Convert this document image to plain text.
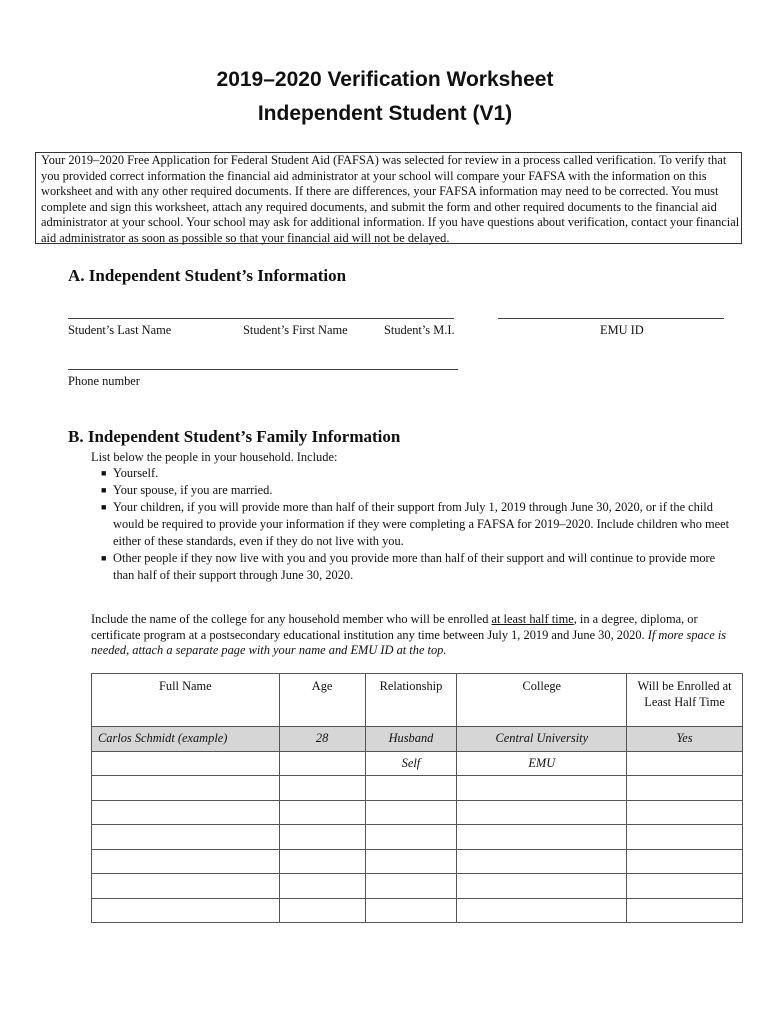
2019–2020 Verification Worksheet
Independent Student (V1)
Your 2019–2020 Free Application for Federal Student Aid (FAFSA) was selected for review in a process called verification. To verify that you provided correct information the financial aid administrator at your school will compare your FAFSA with the information on this worksheet and with any other required documents. If there are differences, your FAFSA information may need to be corrected. You must complete and sign this worksheet, attach any required documents, and submit the form and other required documents to the financial aid administrator at your school. Your school may ask for additional information. If you have questions about verification, contact your financial aid administrator as soon as possible so that your financial aid will not be delayed.
A. Independent Student’s Information
Student’s Last Name	Student’s First Name	Student’s M.I.	EMU ID
Phone number
B. Independent Student’s Family Information
List below the people in your household. Include:
■ Yourself.
■ Your spouse, if you are married.
■ Your children, if you will provide more than half of their support from July 1, 2019 through June 30, 2020, or if the child would be required to provide your information if they were completing a FAFSA for 2019–2020. Include children who meet either of these standards, even if they do not live with you.
■ Other people if they now live with you and you provide more than half of their support and will continue to provide more than half of their support through June 30, 2020.
Include the name of the college for any household member who will be enrolled at least half time, in a degree, diploma, or certificate program at a postsecondary educational institution any time between July 1, 2019 and June 30, 2020. If more space is needed, attach a separate page with your name and EMU ID at the top.
Full Name	Age	Relationship	College	Will be Enrolled at Least Half Time
Carlos Schmidt (example)	28	Husband	Central University	Yes
		Self	EMU	
